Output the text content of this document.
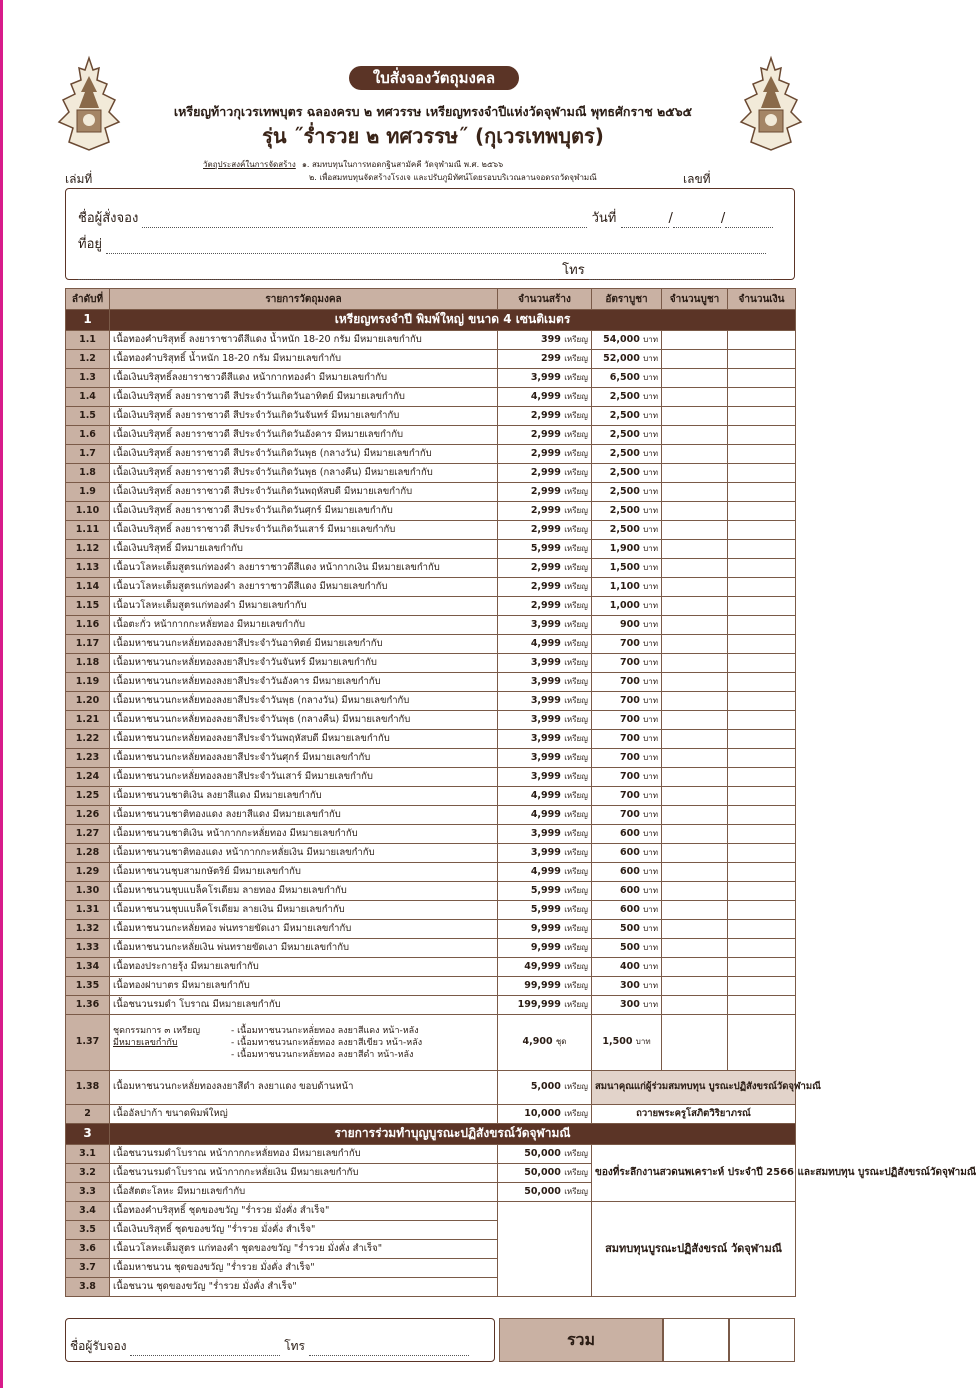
ใบสั่งจองวัตถุมงคล
เหรียญท้าวกุเวรเทพบุตร ฉลองครบ ๒ ทศวรรษ เหรียญทรงจำปีแห่งวัดจุฬามณี พุทธศักราช ๒๕๖๕
รุ่น ˝ร่ำรวย ๒ ทศวรรษ˝ (กุเวรเทพบุตร)
เล่มที่	เลขที่
วัตถุประสงค์ในการจัดสร้าง ๑. สมทบทุนในการทอดกฐินสามัคคี วัดจุฬามณี พ.ศ. ๒๕๖๖
๒. เพื่อสมทบทุนจัดสร้างโรงเจ และปรับภูมิทัศน์โดยรอบบริเวณลานจอดรถวัดจุฬามณี
ชื่อผู้สั่งจอง	วันที่	/	/
ที่อยู่
โทร
ลำดับที่	รายการวัตถุมงคล	จำนวนสร้าง	อัตราบูชา	จำนวนบูชา	จำนวนเงิน
1	เหรียญทรงจำปี พิมพ์ใหญ่ ขนาด 4 เซนติเมตร				
1.1	เนื้อทองคำบริสุทธิ์ ลงยาราชาวดีสีแดง น้ำหนัก 18-20 กรัม มีหมายเลขกำกับ	399 เหรียญ	54,000 บาท		
1.2	เนื้อทองคำบริสุทธิ์ น้ำหนัก 18-20 กรัม มีหมายเลขกำกับ	299 เหรียญ	52,000 บาท		
1.3	เนื้อเงินบริสุทธิ์ลงยาราชาวดีสีแดง หน้ากากทองคำ มีหมายเลขกำกับ	3,999 เหรียญ	6,500 บาท		
1.4	เนื้อเงินบริสุทธิ์ ลงยาราชาวดี สีประจำวันเกิดวันอาทิตย์ มีหมายเลขกำกับ	4,999 เหรียญ	2,500 บาท		
1.5	เนื้อเงินบริสุทธิ์ ลงยาราชาวดี สีประจำวันเกิดวันจันทร์ มีหมายเลขกำกับ	2,999 เหรียญ	2,500 บาท		
1.6	เนื้อเงินบริสุทธิ์ ลงยาราชาวดี สีประจำวันเกิดวันอังคาร มีหมายเลขกำกับ	2,999 เหรียญ	2,500 บาท		
1.7	เนื้อเงินบริสุทธิ์ ลงยาราชาวดี สีประจำวันเกิดวันพุธ (กลางวัน) มีหมายเลขกำกับ	2,999 เหรียญ	2,500 บาท		
1.8	เนื้อเงินบริสุทธิ์ ลงยาราชาวดี สีประจำวันเกิดวันพุธ (กลางคืน) มีหมายเลขกำกับ	2,999 เหรียญ	2,500 บาท		
1.9	เนื้อเงินบริสุทธิ์ ลงยาราชาวดี สีประจำวันเกิดวันพฤหัสบดี มีหมายเลขกำกับ	2,999 เหรียญ	2,500 บาท		
1.10	เนื้อเงินบริสุทธิ์ ลงยาราชาวดี สีประจำวันเกิดวันศุกร์ มีหมายเลขกำกับ	2,999 เหรียญ	2,500 บาท		
1.11	เนื้อเงินบริสุทธิ์ ลงยาราชาวดี สีประจำวันเกิดวันเสาร์ มีหมายเลขกำกับ	2,999 เหรียญ	2,500 บาท		
1.12	เนื้อเงินบริสุทธิ์ มีหมายเลขกำกับ	5,999 เหรียญ	1,900 บาท		
1.13	เนื้อนวโลหะเต็มสูตรแก่ทองคำ ลงยาราชาวดีสีแดง หน้ากากเงิน มีหมายเลขกำกับ	2,999 เหรียญ	1,500 บาท		
1.14	เนื้อนวโลหะเต็มสูตรแก่ทองคำ ลงยาราชาวดีสีแดง มีหมายเลขกำกับ	2,999 เหรียญ	1,100 บาท		
1.15	เนื้อนวโลหะเต็มสูตรแก่ทองคำ มีหมายเลขกำกับ	2,999 เหรียญ	1,000 บาท		
1.16	เนื้อตะกั่ว หน้ากากกะหลั่ยทอง มีหมายเลขกำกับ	3,999 เหรียญ	900 บาท		
1.17	เนื้อมหาชนวนกะหลั่ยทองลงยาสีประจำวันอาทิตย์ มีหมายเลขกำกับ	4,999 เหรียญ	700 บาท		
1.18	เนื้อมหาชนวนกะหลั่ยทองลงยาสีประจำวันจันทร์ มีหมายเลขกำกับ	3,999 เหรียญ	700 บาท		
1.19	เนื้อมหาชนวนกะหลั่ยทองลงยาสีประจำวันอังคาร มีหมายเลขกำกับ	3,999 เหรียญ	700 บาท		
1.20	เนื้อมหาชนวนกะหลั่ยทองลงยาสีประจำวันพุธ (กลางวัน) มีหมายเลขกำกับ	3,999 เหรียญ	700 บาท		
1.21	เนื้อมหาชนวนกะหลั่ยทองลงยาสีประจำวันพุธ (กลางคืน) มีหมายเลขกำกับ	3,999 เหรียญ	700 บาท		
1.22	เนื้อมหาชนวนกะหลั่ยทองลงยาสีประจำวันพฤหัสบดี มีหมายเลขกำกับ	3,999 เหรียญ	700 บาท		
1.23	เนื้อมหาชนวนกะหลั่ยทองลงยาสีประจำวันศุกร์ มีหมายเลขกำกับ	3,999 เหรียญ	700 บาท		
1.24	เนื้อมหาชนวนกะหลั่ยทองลงยาสีประจำวันเสาร์ มีหมายเลขกำกับ	3,999 เหรียญ	700 บาท		
1.25	เนื้อมหาชนวนชาติเงิน ลงยาสีแดง มีหมายเลขกำกับ	4,999 เหรียญ	700 บาท		
1.26	เนื้อมหาชนวนชาติทองแดง ลงยาสีแดง มีหมายเลขกำกับ	4,999 เหรียญ	700 บาท		
1.27	เนื้อมหาชนวนชาติเงิน หน้ากากกะหลั่ยทอง มีหมายเลขกำกับ	3,999 เหรียญ	600 บาท		
1.28	เนื้อมหาชนวนชาติทองแดง หน้ากากกะหลั่ยเงิน มีหมายเลขกำกับ	3,999 เหรียญ	600 บาท		
1.29	เนื้อมหาชนวนชุบสามกษัตริย์ มีหมายเลขกำกับ	4,999 เหรียญ	600 บาท		
1.30	เนื้อมหาชนวนชุบแบล็คโรเดียม ลายทอง มีหมายเลขกำกับ	5,999 เหรียญ	600 บาท		
1.31	เนื้อมหาชนวนชุบแบล็คโรเดียม ลายเงิน มีหมายเลขกำกับ	5,999 เหรียญ	600 บาท		
1.32	เนื้อมหาชนวนกะหลั่ยทอง พ่นทรายขัดเงา มีหมายเลขกำกับ	9,999 เหรียญ	500 บาท		
1.33	เนื้อมหาชนวนกะหลั่ยเงิน พ่นทรายขัดเงา มีหมายเลขกำกับ	9,999 เหรียญ	500 บาท		
1.34	เนื้อทองประกายรุ้ง มีหมายเลขกำกับ	49,999 เหรียญ	400 บาท		
1.35	เนื้อทองฝาบาตร มีหมายเลขกำกับ	99,999 เหรียญ	300 บาท		
1.36	เนื้อชนวนรมดำ โบราณ มีหมายเลขกำกับ	199,999 เหรียญ	300 บาท		
1.37	ชุดกรรมการ ๓ เหรียญ
มีหมายเลขกำกับ
- เนื้อมหาชนวนกะหลั่ยทอง ลงยาสีแดง หน้า-หลัง
- เนื้อมหาชนวนกะหลั่ยทอง ลงยาสีเขียว หน้า-หลัง
- เนื้อมหาชนวนกะหลั่ยทอง ลงยาสีดำ หน้า-หลัง	4,900 ชุด	1,500 บาท		
1.38	เนื้อมหาชนวนกะหลั่ยทองลงยาสีดำ ลงยาแดง ขอบด้านหน้า	5,000 เหรียญ	สมนาคุณแก่ผู้ร่วมสมทบทุน บูรณะปฏิสังขรณ์วัดจุฬามณี		
2	เนื้ออัลปาก้า ขนาดพิมพ์ใหญ่	10,000 เหรียญ	ถวายพระครูโสภิตวิริยาภรณ์		
3	รายการร่วมทำบุญบูรณะปฏิสังขรณ์วัดจุฬามณี				
3.1	เนื้อชนวนรมดำโบราณ หน้ากากกะหลั่ยทอง มีหมายเลขกำกับ	50,000 เหรียญ	ของที่ระลึกงานสวดนพเคราะห์ ประจำปี 2566 และสมทบทุน บูรณะปฏิสังขรณ์วัดจุฬามณี		
3.2	เนื้อชนวนรมดำโบราณ หน้ากากกะหลั่ยเงิน มีหมายเลขกำกับ	50,000 เหรียญ			
3.3	เนื้อสัตตะโลหะ มีหมายเลขกำกับ	50,000 เหรียญ			
3.4	เนื้อทองคำบริสุทธิ์ ชุดของขวัญ "ร่ำรวย มั่งคั่ง สำเร็จ"		สมทบทุนบูรณะปฏิสังขรณ์ วัดจุฬามณี		
3.5	เนื้อเงินบริสุทธิ์ ชุดของขวัญ "ร่ำรวย มั่งคั่ง สำเร็จ"				
3.6	เนื้อนวโลหะเต็มสูตร แก่ทองคำ ชุดของขวัญ "ร่ำรวย มั่งคั่ง สำเร็จ"				
3.7	เนื้อมหาชนวน ชุดของขวัญ "ร่ำรวย มั่งคั่ง สำเร็จ"				
3.8	เนื้อชนวน ชุดของขวัญ "ร่ำรวย มั่งคั่ง สำเร็จ"				
ชื่อผู้รับจอง	โทร	รวม
